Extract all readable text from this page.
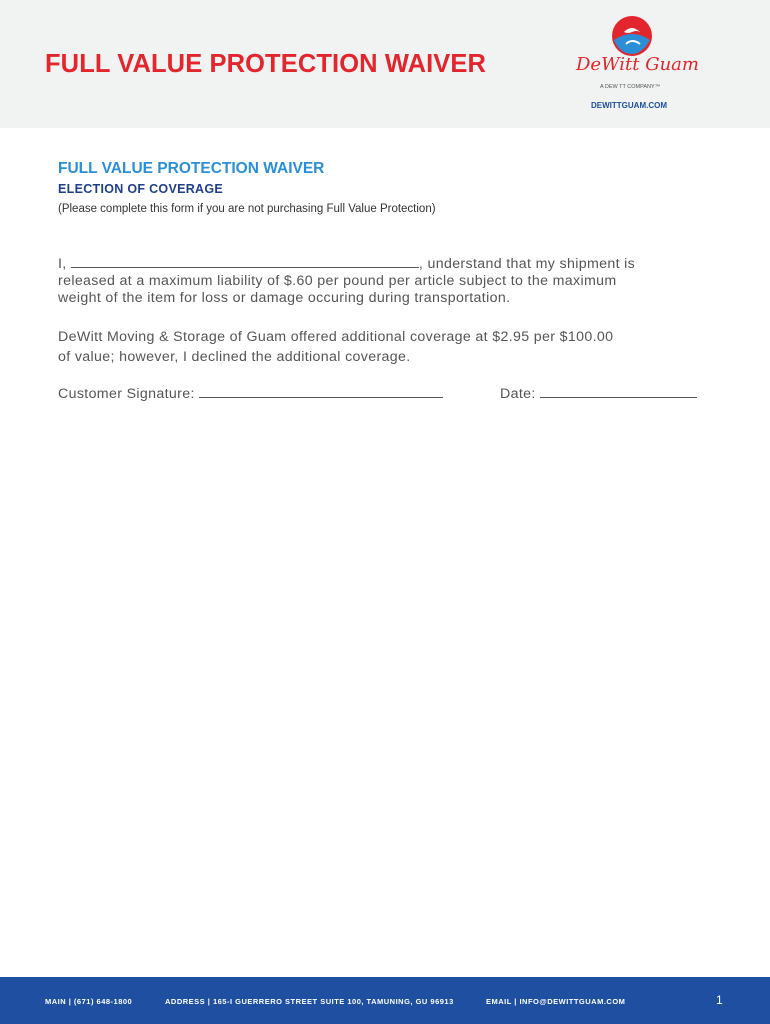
FULL VALUE PROTECTION WAIVER	DeWitt Guam
A DEW TT COMPANY™
DEWITTGUAM.COM
FULL VALUE PROTECTION WAIVER
ELECTION OF COVERAGE
(Please complete this form if you are not purchasing Full Value Protection)
I,	, understand that my shipment is
released at a maximum liability of $.60 per pound per article subject to the maximum
weight of the item for loss or damage occuring during transportation.
DeWitt Moving & Storage of Guam offered additional coverage at $2.95 per $100.00
of value; however, I declined the additional coverage.
Customer Signature:	Date:
MAIN | (671) 648-1800	ADDRESS | 165-I GUERRERO STREET SUITE 100, TAMUNING, GU 96913	EMAIL | INFO@DEWITTGUAM.COM	1
